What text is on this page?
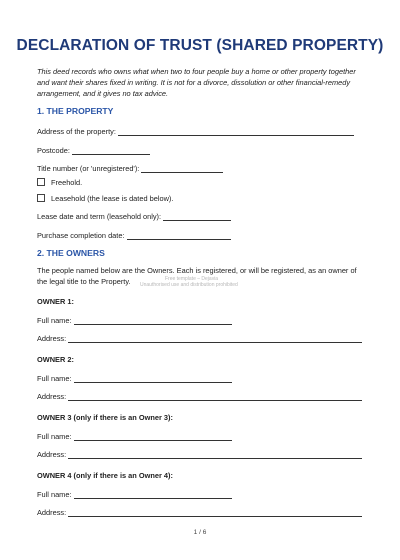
DECLARATION OF TRUST (SHARED PROPERTY)
This deed records who owns what when two to four people buy a home or other property together and want their shares fixed in writing. It is not for a divorce, dissolution or other financial-remedy arrangement, and it gives no tax advice.
1. THE PROPERTY
Address of the property:
Postcode:
Title number (or 'unregistered'):
Freehold.
Leasehold (the lease is dated below).
Lease date and term (leasehold only):
Purchase completion date:
2. THE OWNERS
The people named below are the Owners. Each is registered, or will be registered, as an owner of the legal title to the Property.	Free template – Dejavia
Unauthorised use and distribution prohibited
OWNER 1:
Full name:
Address:
OWNER 2:
Full name:
Address:
OWNER 3 (only if there is an Owner 3):
Full name:
Address:
OWNER 4 (only if there is an Owner 4):
Full name:
Address:
1 / 6
